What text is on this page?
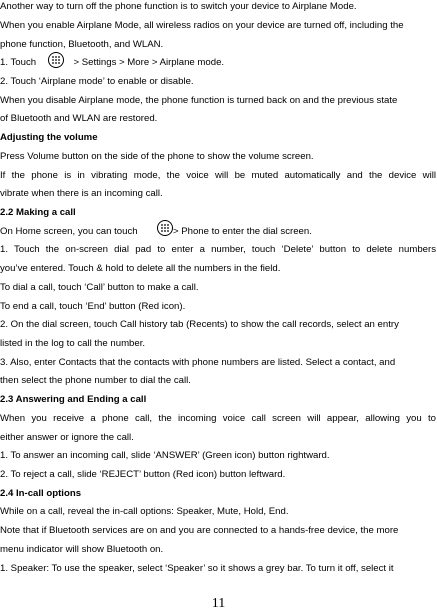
Another way to turn off the phone function is to switch your device to Airplane Mode.
When you enable Airplane Mode, all wireless radios on your device are turned off, including the
phone function, Bluetooth, and WLAN.
1. Touch	> Settings > More > Airplane mode.
2. Touch ‘Airplane mode’ to enable or disable.
When you disable Airplane mode, the phone function is turned back on and the previous state
of Bluetooth and WLAN are restored.
Adjusting the volume
Press Volume button on the side of the phone to show the volume screen.
If the phone is in vibrating mode, the voice will be muted automatically and the device will
vibrate when there is an incoming call.
2.2 Making a call
On Home screen, you can touch	> Phone to enter the dial screen.
1. Touch the on-screen dial pad to enter a number, touch ‘Delete’ button to delete numbers
you’ve entered. Touch & hold to delete all the numbers in the field.
To dial a call, touch ‘Call’ button to make a call.
To end a call, touch ‘End’ button (Red icon).
2. On the dial screen, touch Call history tab (Recents) to show the call records, select an entry
listed in the log to call the number.
3. Also, enter Contacts that the contacts with phone numbers are listed. Select a contact, and
then select the phone number to dial the call.
2.3 Answering and Ending a call
When you receive a phone call, the incoming voice call screen will appear, allowing you to
either answer or ignore the call.
1. To answer an incoming call, slide ‘ANSWER’ (Green icon) button rightward.
2. To reject a call, slide ‘REJECT’ button (Red icon) button leftward.
2.4 In-call options
While on a call, reveal the in-call options: Speaker, Mute, Hold, End.
Note that if Bluetooth services are on and you are connected to a hands-free device, the more
menu indicator will show Bluetooth on.
1. Speaker: To use the speaker, select ‘Speaker’ so it shows a grey bar. To turn it off, select it
11
